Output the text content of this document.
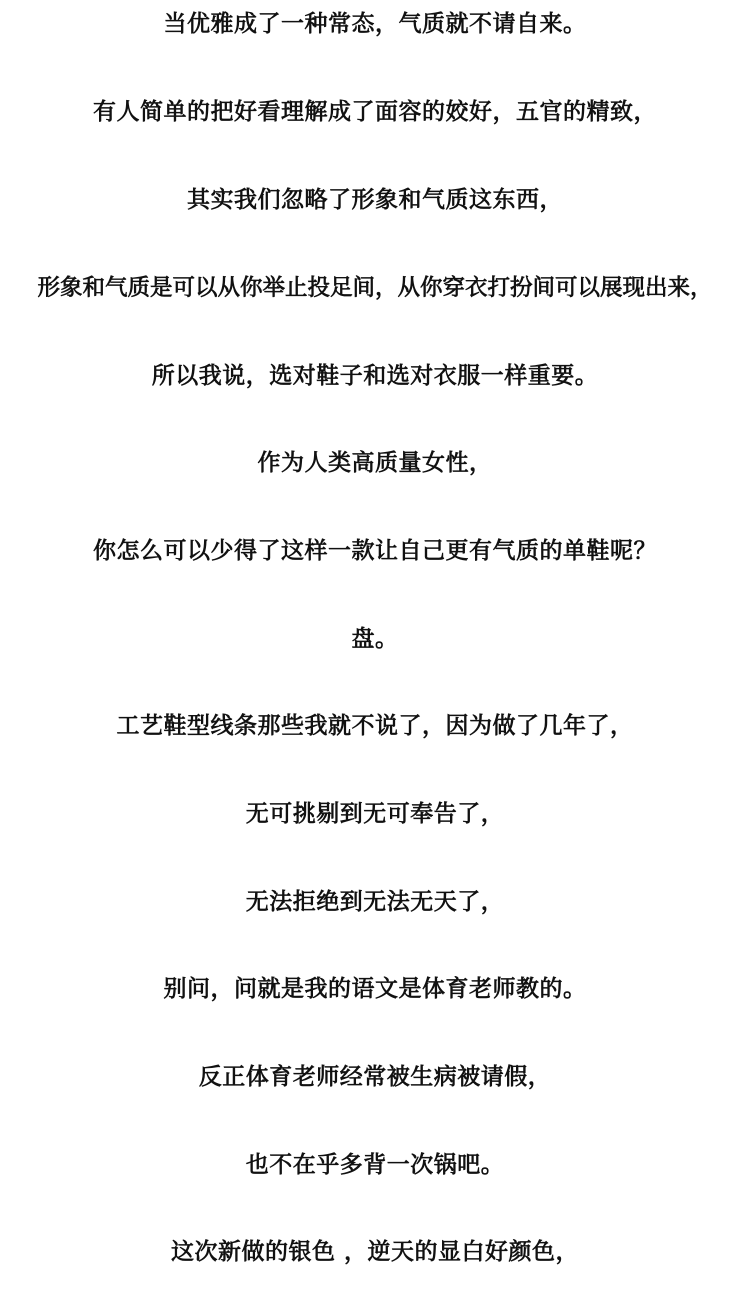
当优雅成了一种常态，气质就不请自来。
有人简单的把好看理解成了面容的姣好，五官的精致，
其实我们忽略了形象和气质这东西，
形象和气质是可以从你举止投足间，从你穿衣打扮间可以展现出来，
所以我说，选对鞋子和选对衣服一样重要。
作为人类高质量女性，
你怎么可以少得了这样一款让自己更有气质的单鞋呢？
盘。
工艺鞋型线条那些我就不说了，因为做了几年了，
无可挑剔到无可奉告了，
无法拒绝到无法无天了，
别问，问就是我的语文是体育老师教的。
反正体育老师经常被生病被请假，
也不在乎多背一次锅吧。
这次新做的银色 ，逆天的显白好颜色，
